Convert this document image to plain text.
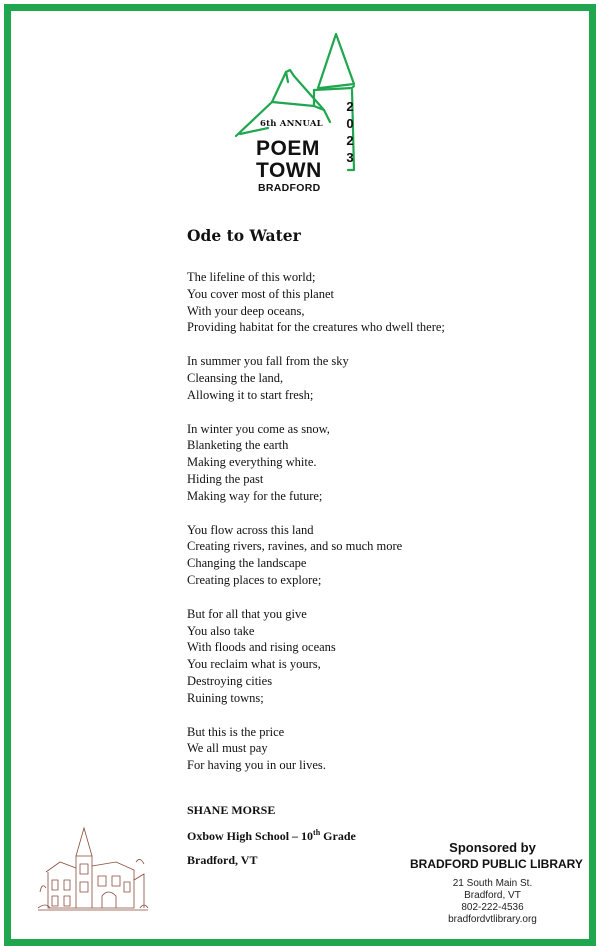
6th ANNUAL
POEM
TOWN
BRADFORD
2
0
2
3
Ode to Water
The lifeline of this world;
You cover most of this planet
With your deep oceans,
Providing habitat for the creatures who dwell there;
In summer you fall from the sky
Cleansing the land,
Allowing it to start fresh;
In winter you come as snow,
Blanketing the earth
Making everything white.
Hiding the past
Making way for the future;
You flow across this land
Creating rivers, ravines, and so much more
Changing the landscape
Creating places to explore;
But for all that you give
You also take
With floods and rising oceans
You reclaim what is yours,
Destroying cities
Ruining towns;
But this is the price
We all must pay
For having you in our lives.
SHANE MORSE
Oxbow High School – 10th Grade
Bradford, VT
Sponsored by
BRADFORD PUBLIC LIBRARY
21 South Main St.
Bradford, VT
802-222-4536
bradfordvtlibrary.org
